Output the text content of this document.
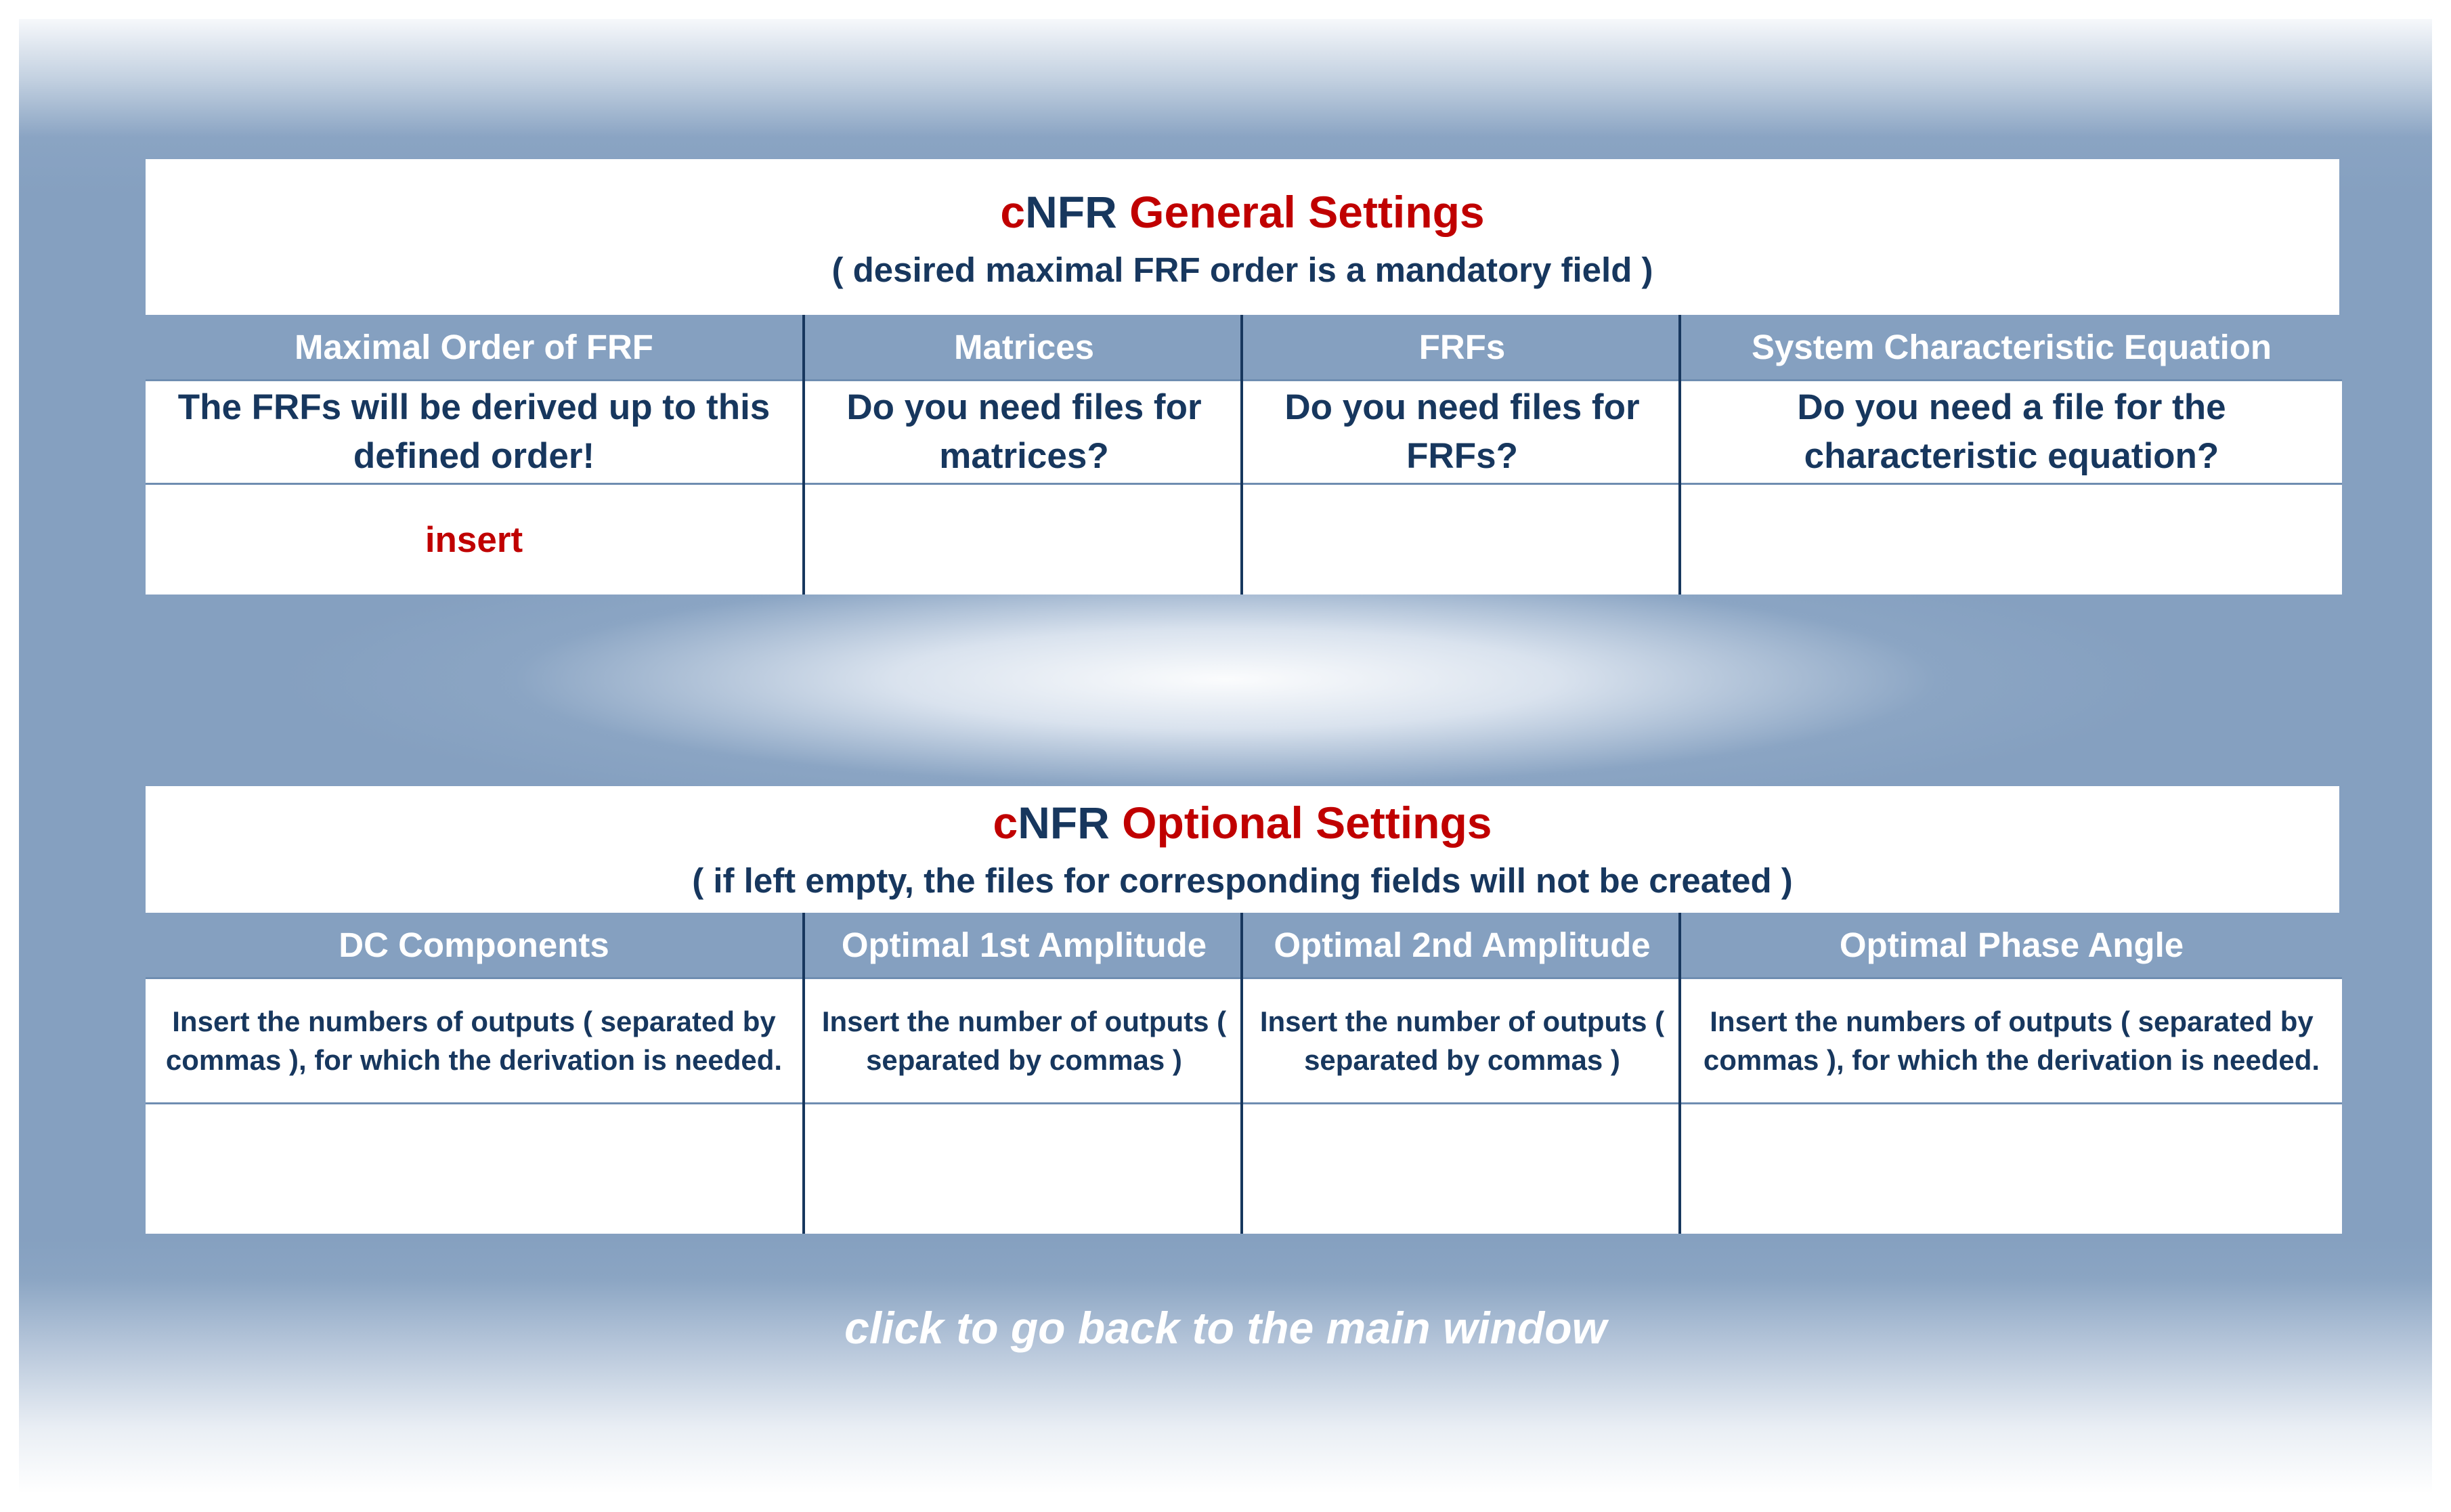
cNFR General Settings
( desired maximal FRF order is a mandatory field )
Maximal Order of FRF
The FRFs will be derived up to this defined order!
insert
Matrices
Do you need files for matrices?
FRFs
Do you need files for FRFs?
System Characteristic Equation
Do you need a file for the characteristic equation?
cNFR Optional Settings
( if left empty, the files for corresponding fields will not be created )
DC Components
Insert the numbers of outputs ( separated by commas ), for which the derivation is needed.
Optimal 1st Amplitude
Insert the number of outputs ( separated by commas )
Optimal 2nd Amplitude
Insert the number of outputs ( separated by commas )
Optimal Phase Angle
Insert the numbers of outputs ( separated by commas ), for which the derivation is needed.
click to go back to the main window
